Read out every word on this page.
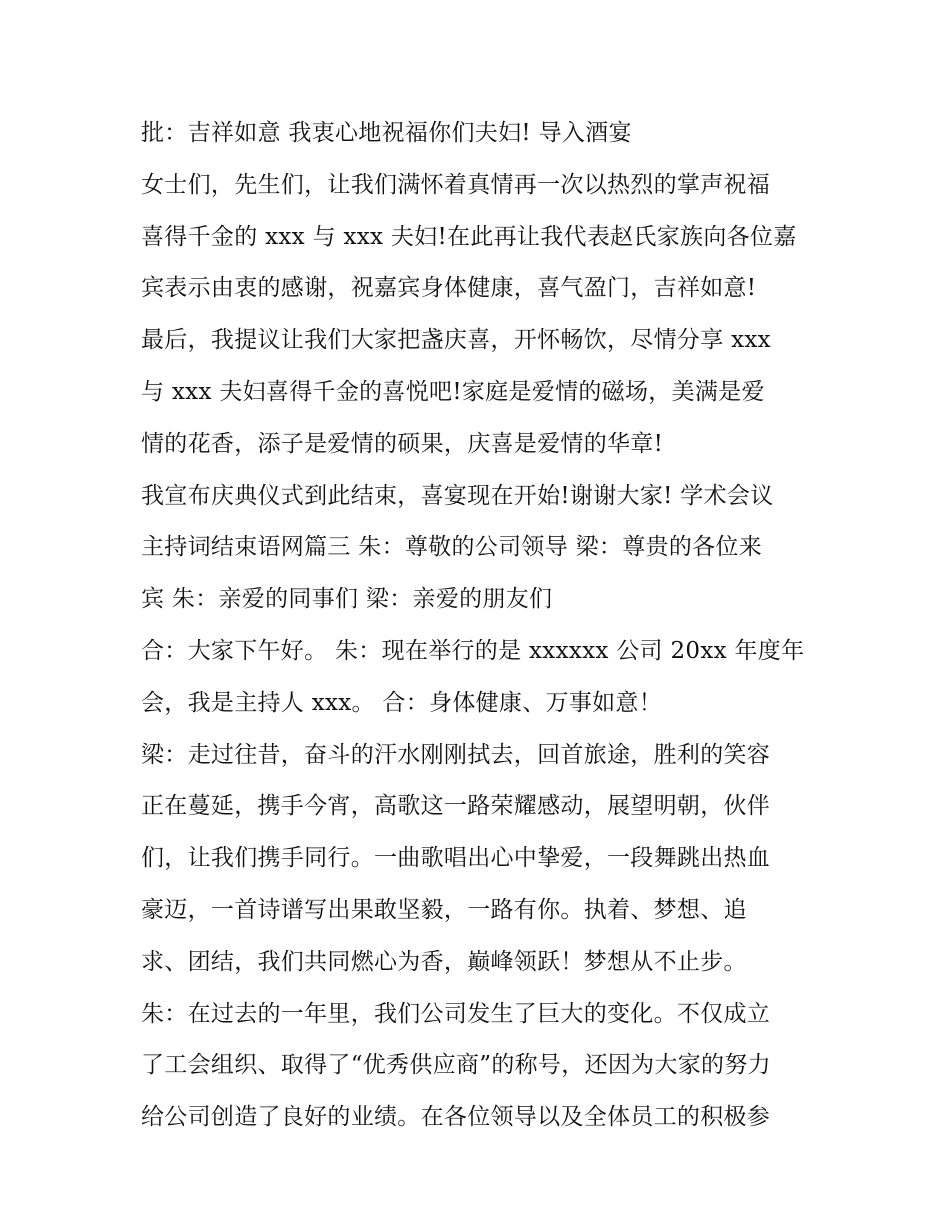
批：吉祥如意 我衷心地祝福你们夫妇! 导入酒宴
女士们，先生们，让我们满怀着真情再一次以热烈的掌声祝福
喜得千金的 xxx 与 xxx 夫妇!在此再让我代表赵氏家族向各位嘉
宾表示由衷的感谢，祝嘉宾身体健康，喜气盈门，吉祥如意!
最后，我提议让我们大家把盏庆喜，开怀畅饮，尽情分享 xxx
与 xxx 夫妇喜得千金的喜悦吧!家庭是爱情的磁场，美满是爱
情的花香，添子是爱情的硕果，庆喜是爱情的华章!
我宣布庆典仪式到此结束，喜宴现在开始!谢谢大家! 学术会议
主持词结束语网篇三 朱：尊敬的公司领导 梁：尊贵的各位来
宾 朱：亲爱的同事们 梁：亲爱的朋友们
合：大家下午好。 朱：现在举行的是 xxxxxx 公司 20xx 年度年
会，我是主持人 xxx。 合：身体健康、万事如意！
梁：走过往昔，奋斗的汗水刚刚拭去，回首旅途，胜利的笑容
正在蔓延，携手今宵，高歌这一路荣耀感动，展望明朝，伙伴
们，让我们携手同行。一曲歌唱出心中挚爱，一段舞跳出热血
豪迈，一首诗谱写出果敢坚毅，一路有你。执着、梦想、追
求、团结，我们共同燃心为香，巅峰领跃！梦想从不止步。
朱：在过去的一年里，我们公司发生了巨大的变化。不仅成立
了工会组织、取得了“优秀供应商”的称号，还因为大家的努力
给公司创造了良好的业绩。在各位领导以及全体员工的积极参
